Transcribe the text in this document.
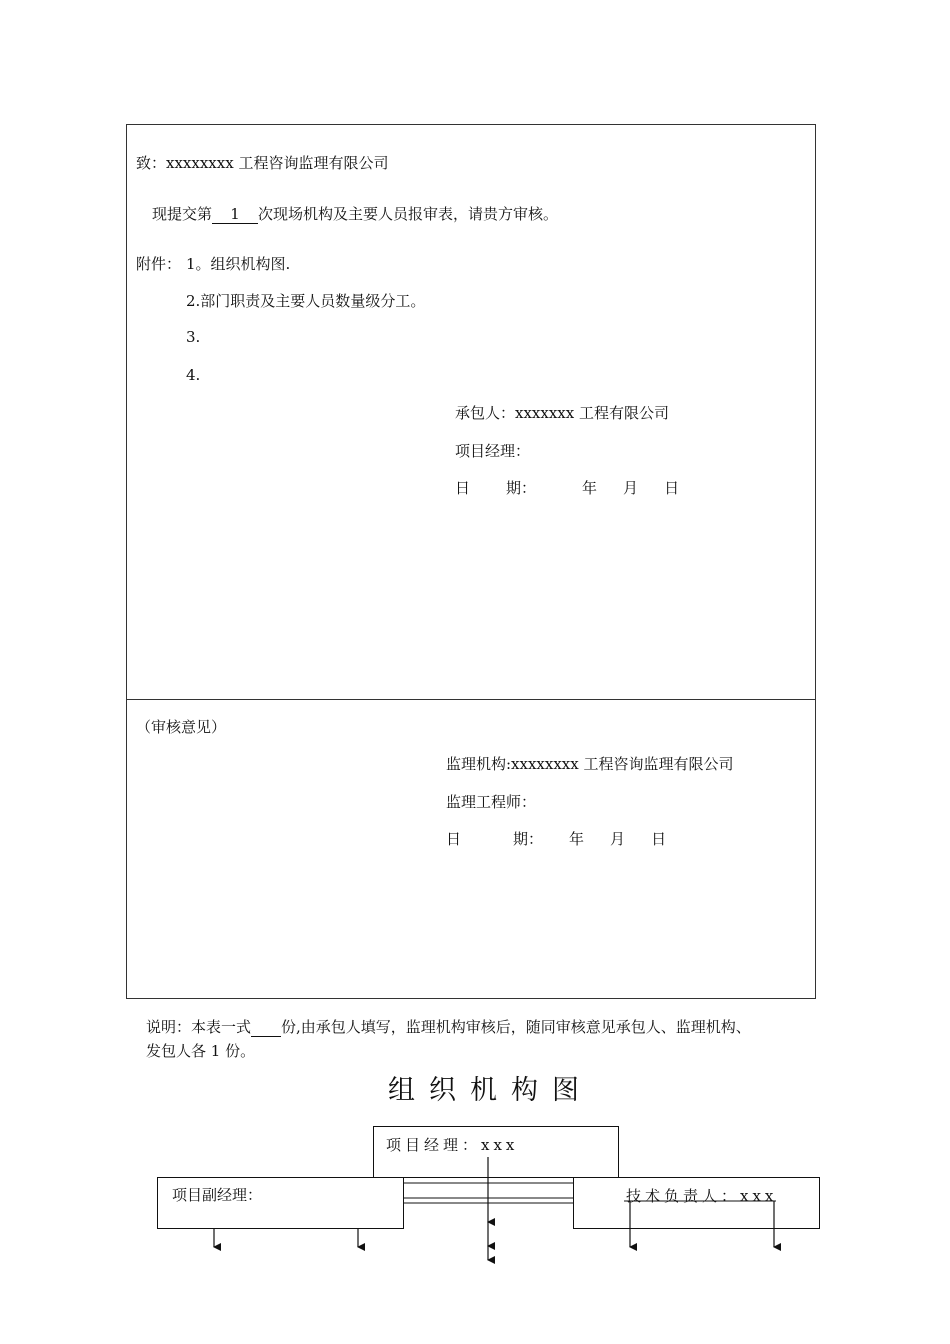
致：xxxxxxxx 工程咨询监理有限公司
现提交第 1 次现场机构及主要人员报审表，请贵方审核。
附件： 1。组织机构图.
2.部门职责及主要人员数量级分工。
3.
4.
承包人：xxxxxxx 工程有限公司
项目经理：
日 期：	年 月 日
（审核意见）
监理机构:xxxxxxxx 工程咨询监理有限公司
监理工程师：
日	期： 年 月 日
说明：本表一式 份,由承包人填写，监理机构审核后，随同审核意见承包人、监理机构、
发包人各 1 份。
组织机构图
项目经理：xxx
项目副经理：	技术负责人：xxx
